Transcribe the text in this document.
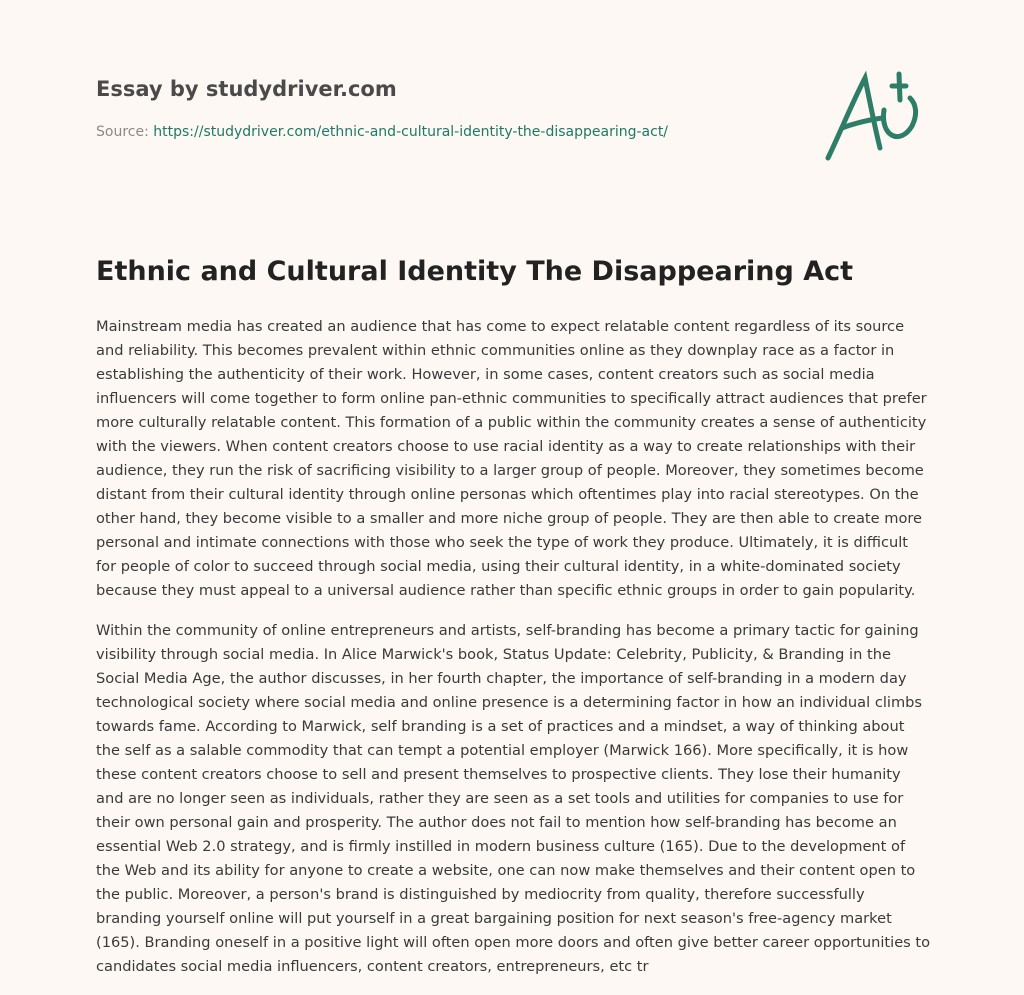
Essay by studydriver.com
Source: https://studydriver.com/ethnic-and-cultural-identity-the-disappearing-act/
Ethnic and Cultural Identity The Disappearing Act

Mainstream media has created an audience that has come to expect relatable content regardless of its source and reliability. This becomes prevalent within ethnic communities online as they downplay race as a factor in establishing the authenticity of their work. However, in some cases, content creators such as social media influencers will come together to form online pan-ethnic communities to specifically attract audiences that prefer more culturally relatable content. This formation of a public within the community creates a sense of authenticity with the viewers. When content creators choose to use racial identity as a way to create relationships with their audience, they run the risk of sacrificing visibility to a larger group of people. Moreover, they sometimes become distant from their cultural identity through online personas which oftentimes play into racial stereotypes. On the other hand, they become visible to a smaller and more niche group of people. They are then able to create more personal and intimate connections with those who seek the type of work they produce. Ultimately, it is difficult for people of color to succeed through social media, using their cultural identity, in a white-dominated society because they must appeal to a universal audience rather than specific ethnic groups in order to gain popularity.

Within the community of online entrepreneurs and artists, self-branding has become a primary tactic for gaining visibility through social media. In Alice Marwick's book, Status Update: Celebrity, Publicity, & Branding in the Social Media Age, the author discusses, in her fourth chapter, the importance of self-branding in a modern day technological society where social media and online presence is a determining factor in how an individual climbs towards fame. According to Marwick, self branding is a set of practices and a mindset, a way of thinking about the self as a salable commodity that can tempt a potential employer (Marwick 166). More specifically, it is how these content creators choose to sell and present themselves to prospective clients. They lose their humanity and are no longer seen as individuals, rather they are seen as a set tools and utilities for companies to use for their own personal gain and prosperity. The author does not fail to mention how self-branding has become an essential Web 2.0 strategy, and is firmly instilled in modern business culture (165). Due to the development of the Web and its ability for anyone to create a website, one can now make themselves and their content open to the public. Moreover, a person's brand is distinguished by mediocrity from quality, therefore successfully branding yourself online will put yourself in a great bargaining position for next season's free-agency market (165). Branding oneself in a positive light will often open more doors and often give better career opportunities to candidates social media influencers, content creators, entrepreneurs, etc tr
